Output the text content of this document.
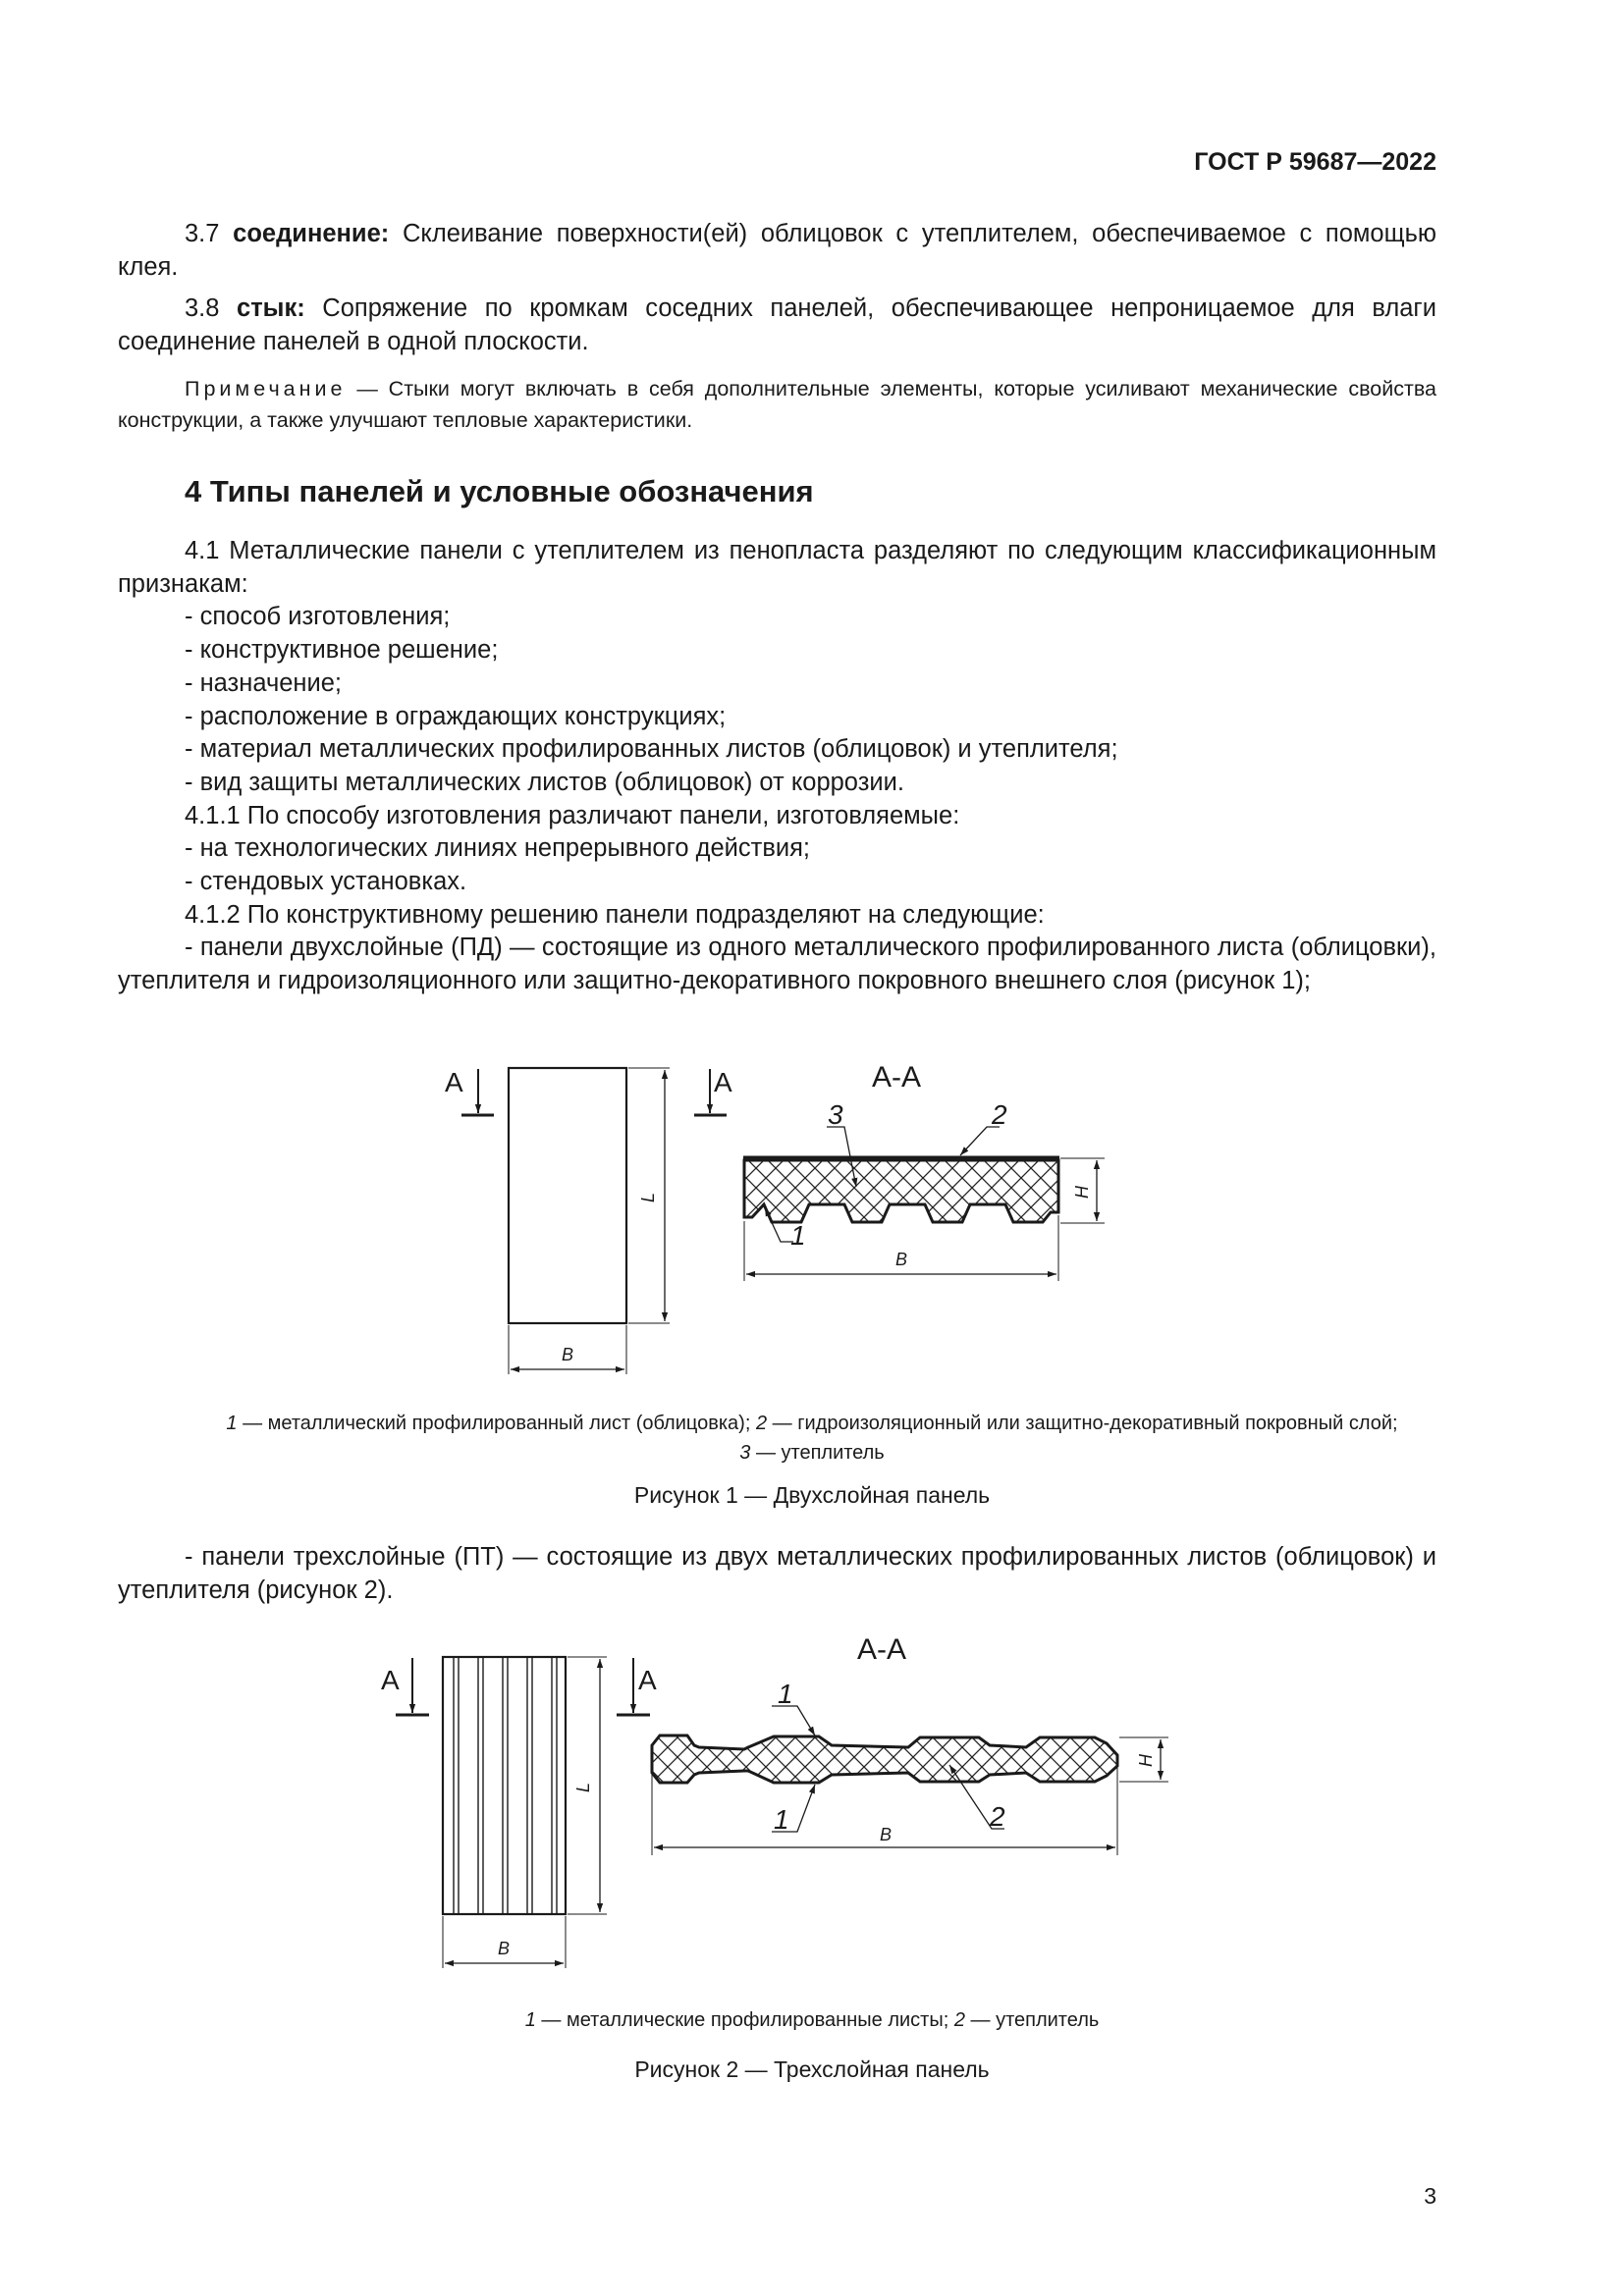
ГОСТ Р 59687—2022

3.7 соединение: Склеивание поверхности(ей) облицовок с утеплителем, обеспечиваемое с помощью клея.

3.8 стык: Сопряжение по кромкам соседних панелей, обеспечивающее непроницаемое для влаги соединение панелей в одной плоскости.

Примечание — Стыки могут включать в себя дополнительные элементы, которые усиливают механические свойства конструкции, а также улучшают тепловые характеристики.

4 Типы панелей и условные обозначения
4.1 Металлические панели с утеплителем из пенопласта разделяют по следующим классификационным признакам:
- способ изготовления;
- конструктивное решение;
- назначение;
- расположение в ограждающих конструкциях;
- материал металлических профилированных листов (облицовок) и утеплителя;
- вид защиты металлических листов (облицовок) от коррозии.
4.1.1 По способу изготовления различают панели, изготовляемые:
- на технологических линиях непрерывного действия;
- стендовых установках.
4.1.2 По конструктивному решению панели подразделяют на следующие:
- панели двухслойные (ПД) — состоящие из одного металлического профилированного листа (облицовки), утеплителя и гидроизоляционного или защитно-декоративного покровного внешнего слоя (рисунок 1);
A	A	А-А
L
B
H
B
3	2
1
A	A
А-А
L
B
H
B
1
1	2
1 — металлический профилированный лист (облицовка); 2 — гидроизоляционный или защитно-декоративный покровный слой;
3 — утеплитель
Рисунок 1 — Двухслойная панель
- панели трехслойные (ПТ) — состоящие из двух металлических профилированных листов (облицовок) и утеплителя (рисунок 2).
1 — металлические профилированные листы; 2 — утеплитель
Рисунок 2 — Трехслойная панель
3
